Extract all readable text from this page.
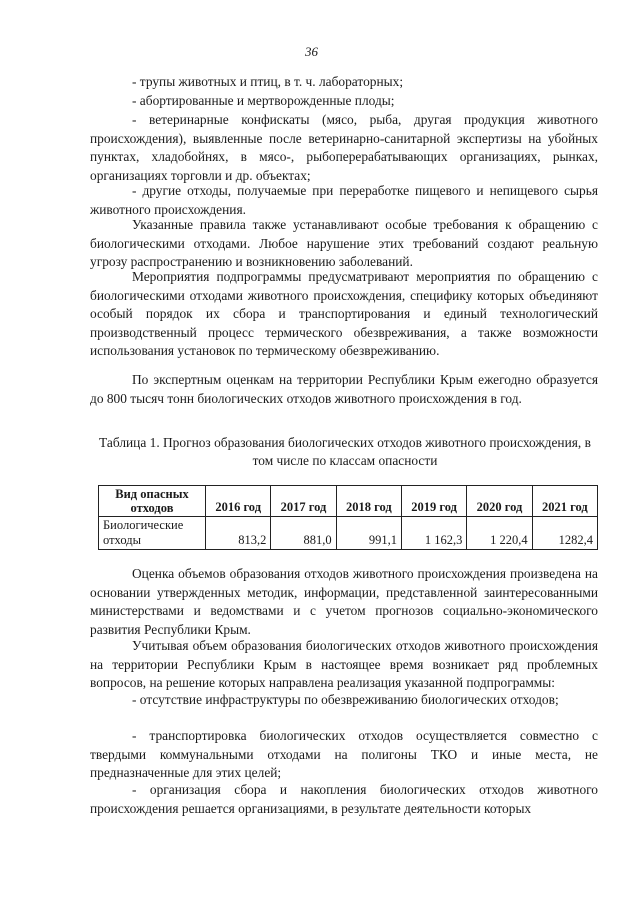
36

- трупы животных и птиц, в т. ч. лабораторных;

- абортированные и мертворожденные плоды;

- ветеринарные конфискаты (мясо, рыба, другая продукция животного происхождения), выявленные после ветеринарно-санитарной экспертизы на убойных пунктах, хладобойнях, в мясо-, рыбоперерабатывающих организациях, рынках, организациях торговли и др. объектах;

- другие отходы, получаемые при переработке пищевого и непищевого сырья животного происхождения.

Указанные правила также устанавливают особые требования к обращению с биологическими отходами. Любое нарушение этих требований создают реальную угрозу распространению и возникновению заболеваний.

Мероприятия подпрограммы предусматривают мероприятия по обращению с биологическими отходами животного происхождения, специфику которых объединяют особый порядок их сбора и транспортирования и единый технологический производственный процесс термического обезвреживания, а также возможности использования установок по термическому обезвреживанию.

По экспертным оценкам на территории Республики Крым ежегодно образуется до 800 тысяч тонн биологических отходов животного происхождения в год.

Таблица 1. Прогноз образования биологических отходов животного происхождения, в том числе по классам опасности

Вид опасных отходов	2016 год	2017 год	2018 год	2019 год	2020 год	2021 год
Биологические отходы	813,2	881,0	991,1	1 162,3	1 220,4	1282,4

Оценка объемов образования отходов животного происхождения произведена на основании утвержденных методик, информации, представленной заинтересованными министерствами и ведомствами и с учетом прогнозов социально-экономического развития Республики Крым.

Учитывая объем образования биологических отходов животного происхождения на территории Республики Крым в настоящее время возникает ряд проблемных вопросов, на решение которых направлена реализация указанной подпрограммы:

- отсутствие инфраструктуры по обезвреживанию биологических отходов;

- транспортировка биологических отходов осуществляется совместно с твердыми коммунальными отходами на полигоны ТКО и иные места, не предназначенные для этих целей;

- организация сбора и накопления биологических отходов животного происхождения решается организациями, в результате деятельности которых
